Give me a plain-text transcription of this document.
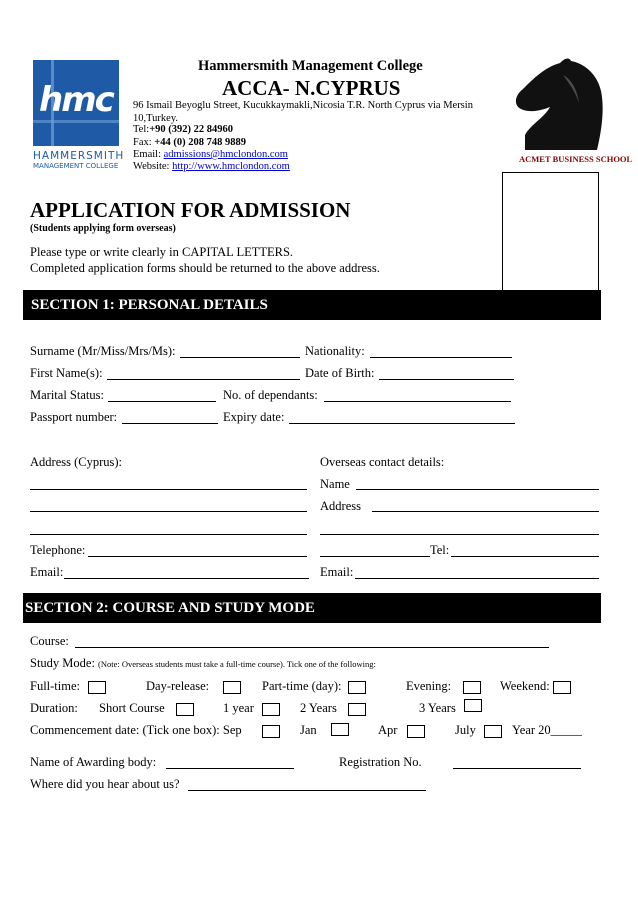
hmc
HAMMERSMITH
MANAGEMENT COLLEGE
Hammersmith Management College
ACCA- N.CYPRUS
96 Ismail Beyoglu Street, Kucukkaymakli,Nicosia T.R. North Cyprus via Mersin 10,Turkey.
Tel:+90 (392) 22 84960
Fax: +44 (0) 208 748 9889
Email: admissions@hmclondon.com
Website: http://www.hmclondon.com
ACMET BUSINESS SCHOOL
APPLICATION FOR ADMISSION
(Students applying form overseas)
Please type or write clearly in CAPITAL LETTERS.
Completed application forms should be returned to the above address.
SECTION 1: PERSONAL DETAILS
Surname (Mr/Miss/Mrs/Ms):	Nationality:
First Name(s):	Date of Birth:
Marital Status:	No. of dependants:
Passport number:	Expiry date:
Address (Cyprus):	Overseas contact details:
Name
Address
Telephone:	Tel:
Email:	Email:
SECTION 2: COURSE AND STUDY MODE
Course:
Study Mode: (Note: Overseas students must take a full-time course). Tick one of the following:
Full-time:	Day-release:	Part-time (day):	Evening:	Weekend:
Duration: Short Course	1 year	2 Years	3 Years
Commencement date: (Tick one box): Sep	Jan	Apr	July	Year 20_____
Name of Awarding body:	Registration No.
Where did you hear about us?
